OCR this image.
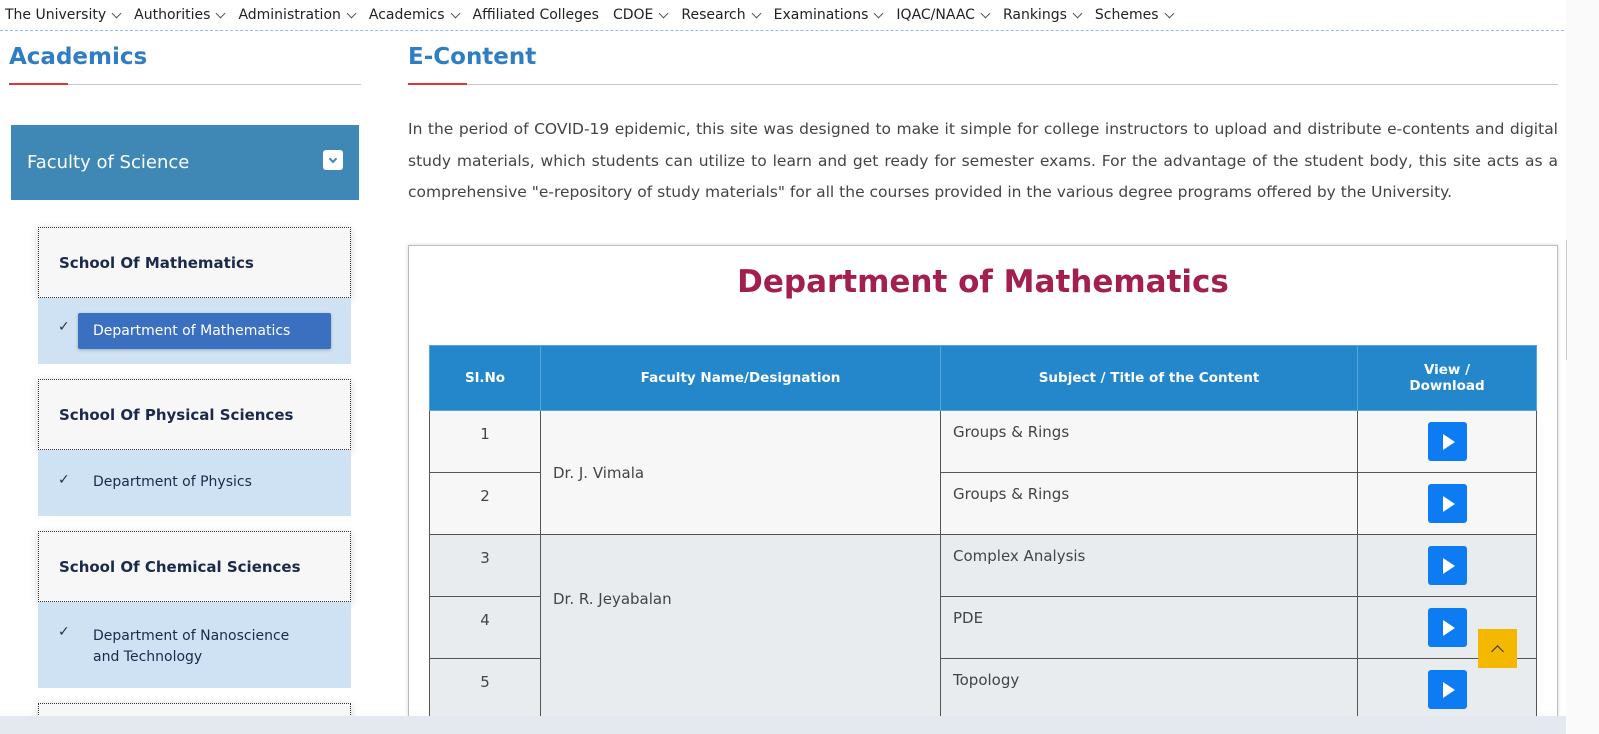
The University Authorities Administration Academics Affiliated Colleges CDOE Research Examinations IQAC/NAAC Rankings Schemes
Academics
Faculty of Science
School Of Mathematics
✓ Department of Mathematics
School Of Physical Sciences
✓ Department of Physics
School Of Chemical Sciences
✓ Department of Nanoscience and Technology
E-Content

In the period of COVID-19 epidemic, this site was designed to make it simple for college instructors to upload and distribute e-contents and digital study materials, which students can utilize to learn and get ready for semester exams. For the advantage of the student body, this site acts as a comprehensive "e-repository of study materials" for all the courses provided in the various degree programs offered by the University.

Department of Mathematics
Sl.No	Faculty Name/Designation	Subject / Title of the Content	View / Download
1	Dr. J. Vimala	Groups & Rings	

2		Groups & Rings	

3	Dr. R. Jeyabalan	Complex Analysis	

4		PDE	

5		Topology	
